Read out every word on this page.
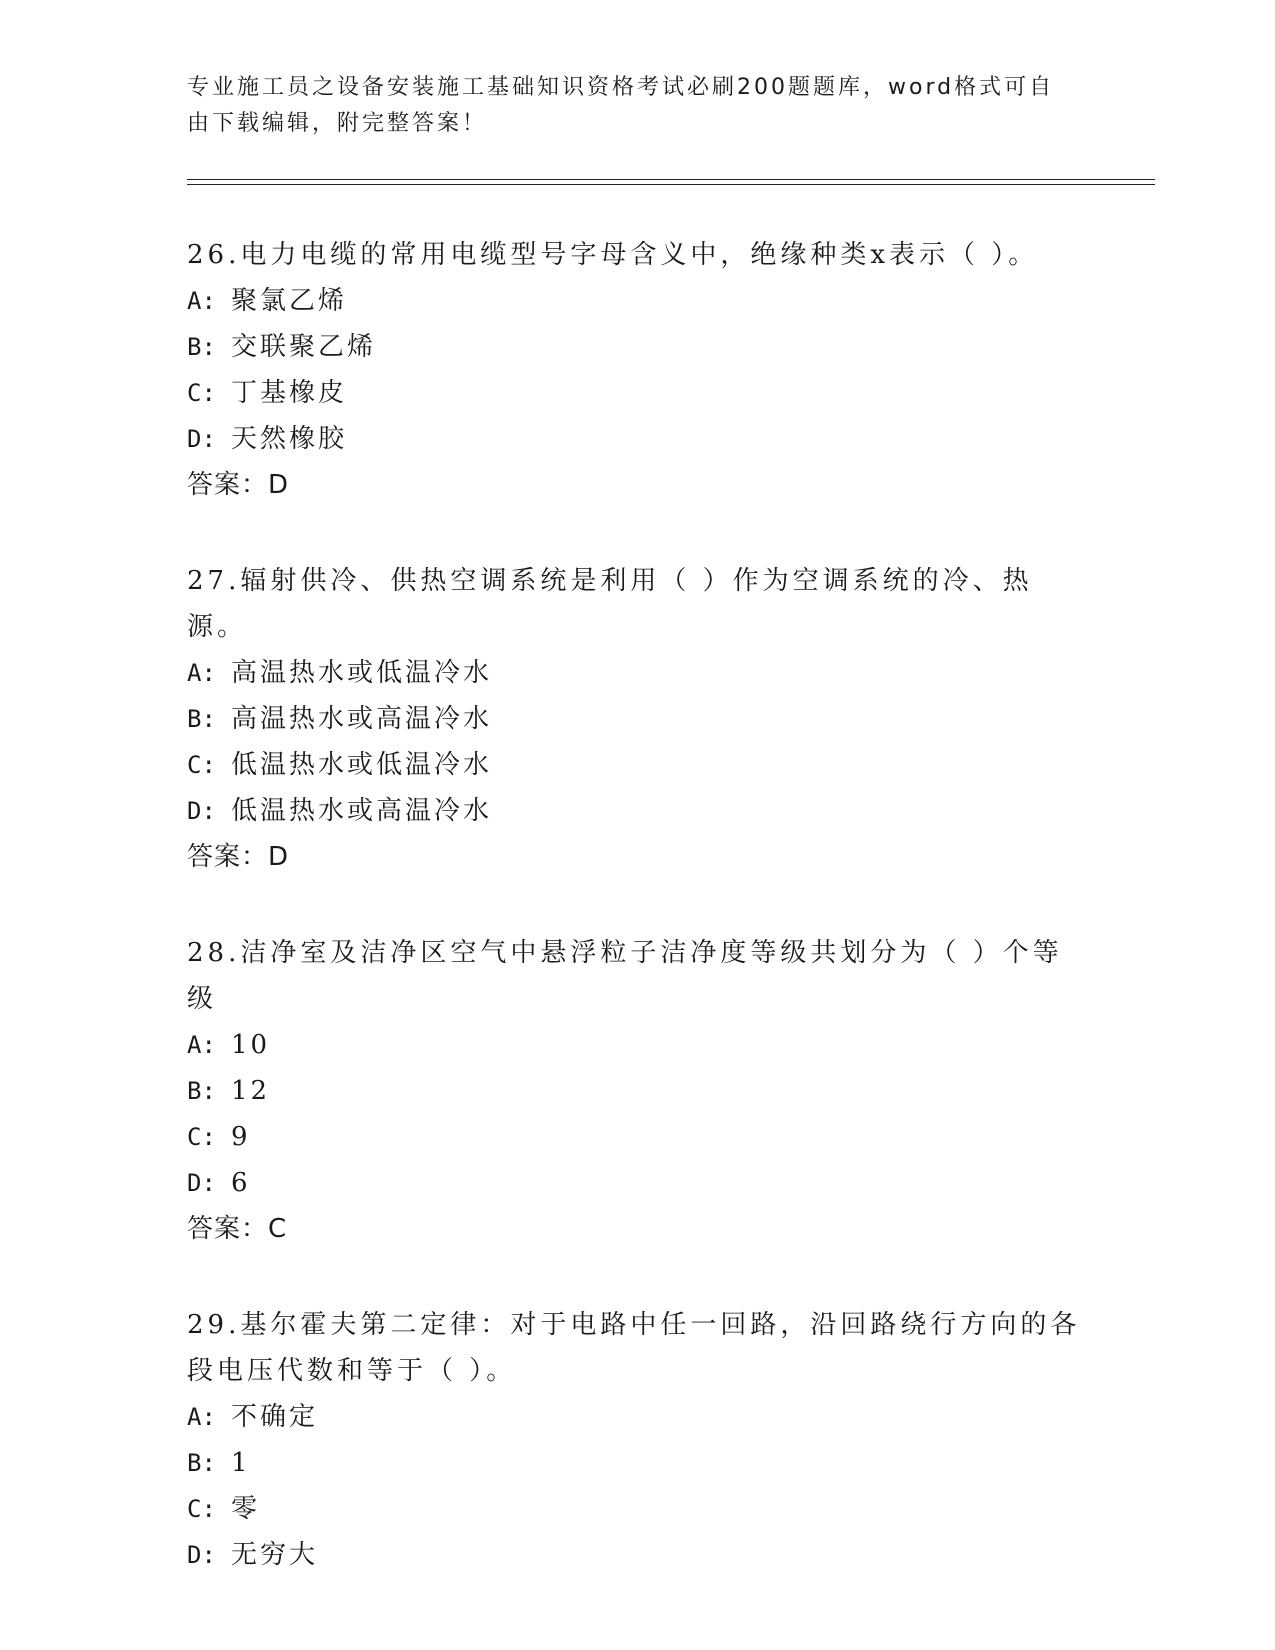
专业施工员之设备安装施工基础知识资格考试必刷200题题库，word格式可自由下载编辑，附完整答案！

26.电力电缆的常用电缆型号字母含义中，绝缘种类x表示（ ）。

A: 聚氯乙烯

B: 交联聚乙烯

C: 丁基橡皮

D: 天然橡胶

答案：D

27.辐射供冷、供热空调系统是利用（ ）作为空调系统的冷、热源。

A: 高温热水或低温冷水

B: 高温热水或高温冷水

C: 低温热水或低温冷水

D: 低温热水或高温冷水

答案：D

28.洁净室及洁净区空气中悬浮粒子洁净度等级共划分为（ ）个等级

A: 10

B: 12

C: 9

D: 6

答案：C

29.基尔霍夫第二定律：对于电路中任一回路，沿回路绕行方向的各段电压代数和等于（ ）。

A: 不确定

B: 1

C: 零

D: 无穷大
